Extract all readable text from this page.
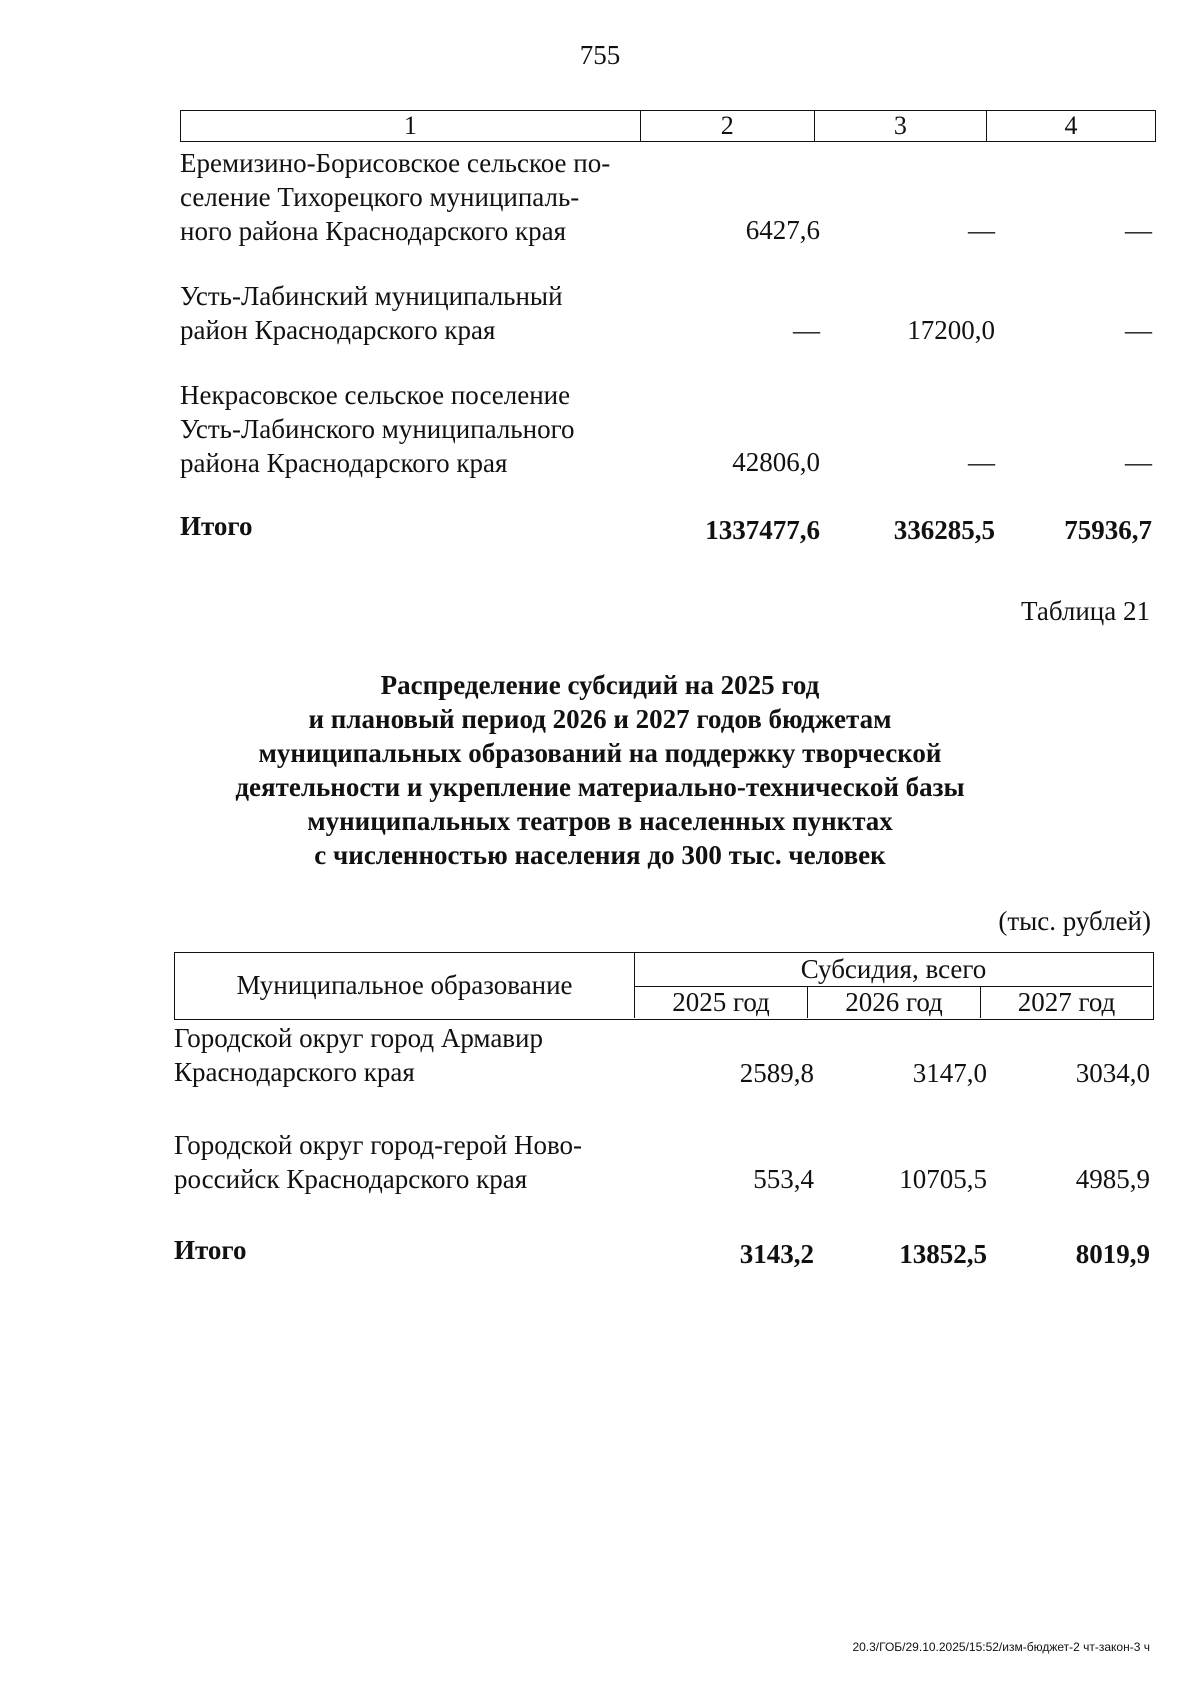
755
1	2	3	4
Еремизино-Борисовское сельское по-
селение Тихорецкого муниципаль-
ного района Краснодарского края	6427,6	—	—
Усть-Лабинский муниципальный
район Краснодарского края	—	17200,0	—
Некрасовское сельское поселение
Усть-Лабинского муниципального
района Краснодарского края	42806,0	—	—
Итого	1337477,6	336285,5	75936,7
Таблица 21
Распределение субсидий на 2025 год
и плановый период 2026 и 2027 годов бюджетам
муниципальных образований на поддержку творческой
деятельности и укрепление материально-технической базы
муниципальных театров в населенных пунктах
с численностью населения до 300 тыс. человек
(тыс. рублей)
Муниципальное образование
Субсидия, всего
2025 год	2026 год	2027 год
Городской округ город Армавир
Краснодарского края	2589,8	3147,0	3034,0
Городской округ город-герой Ново-
российск Краснодарского края	553,4	10705,5	4985,9
Итого	3143,2	13852,5	8019,9
20.3/ГОБ/29.10.2025/15:52/изм-бюджет-2 чт-закон-3 ч
